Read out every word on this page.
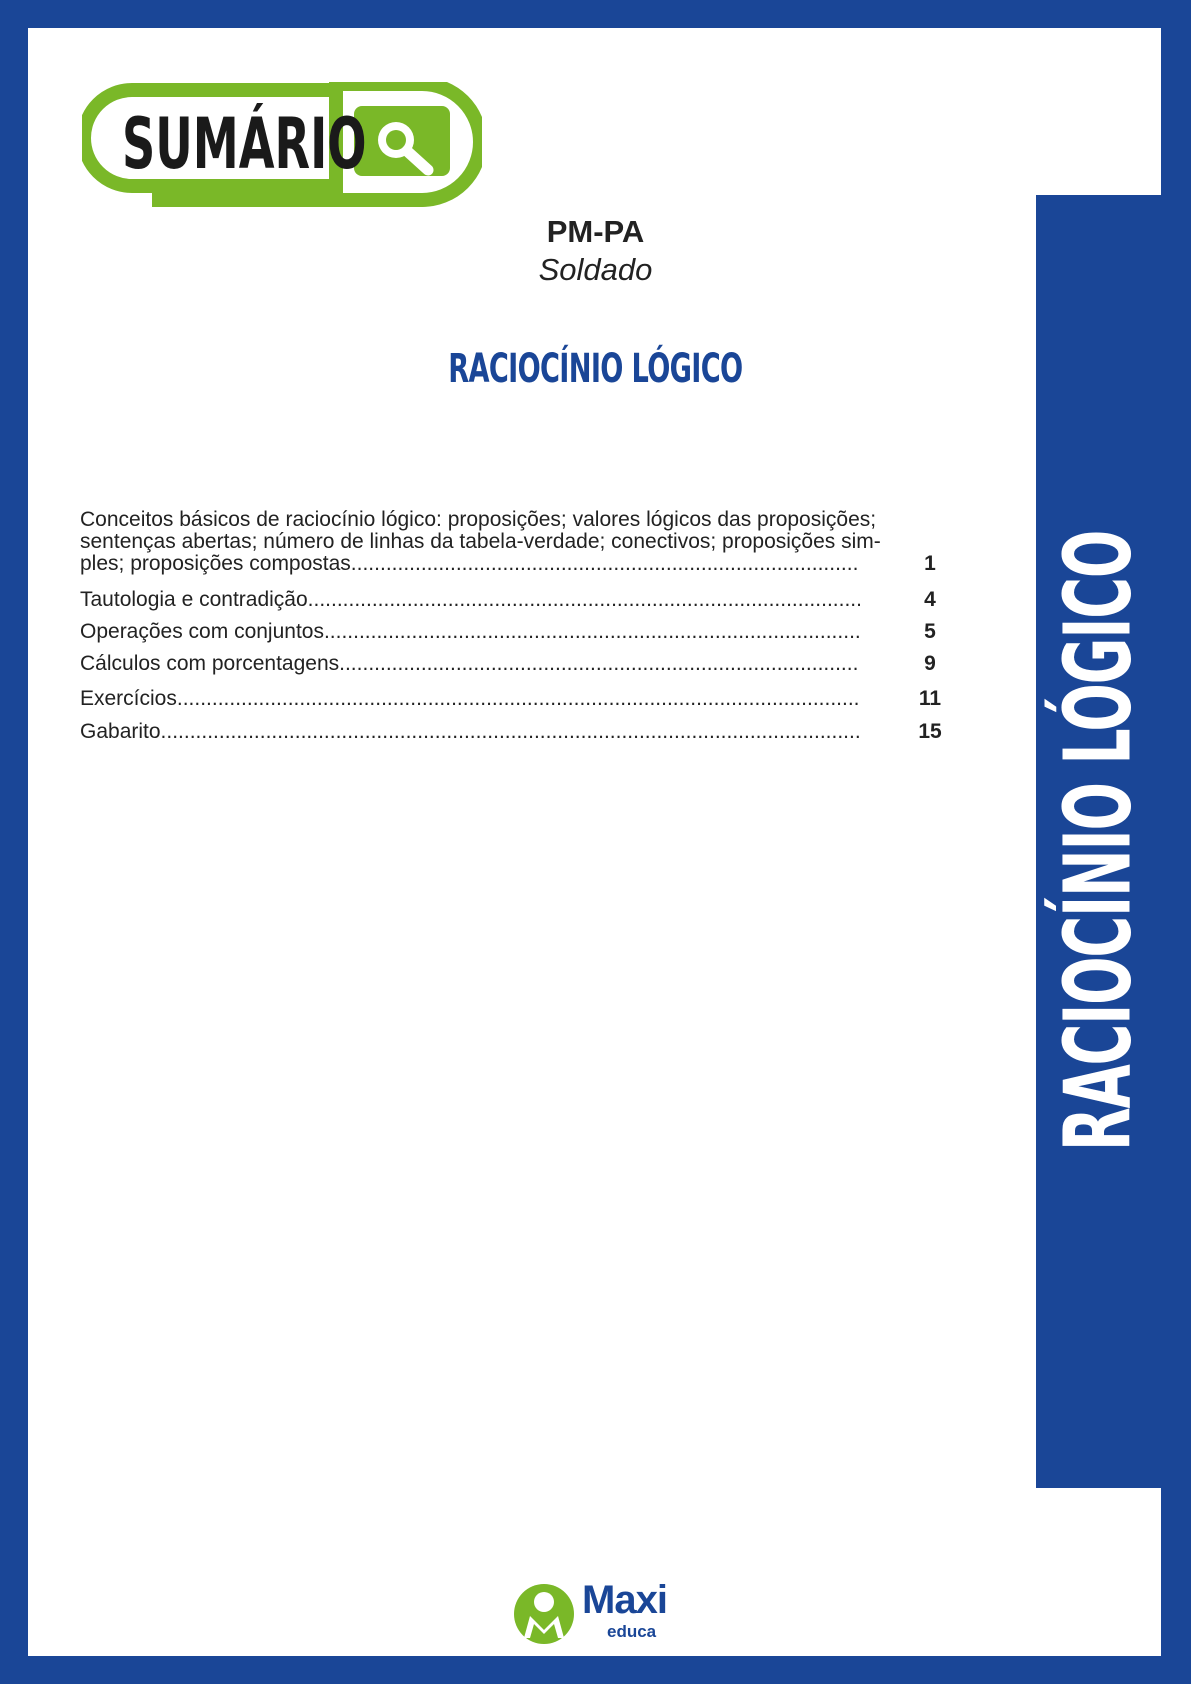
RACIOCÍNIO LÓGICO
SUMÁRIO
PM-PA
Soldado
RACIOCÍNIO LÓGICO
Conceitos básicos de raciocínio lógico: proposições; valores lógicos das proposições;
sentenças abertas; número de linhas da tabela-verdade; conectivos; proposições sim-
ples; proposições compostas. .....	1
Tautologia e contradição .....	4
Operações com conjuntos. .....	5
Cálculos com porcentagens .....	9
Exercícios .....	11
Gabarito .....	15
Maxi
educa
